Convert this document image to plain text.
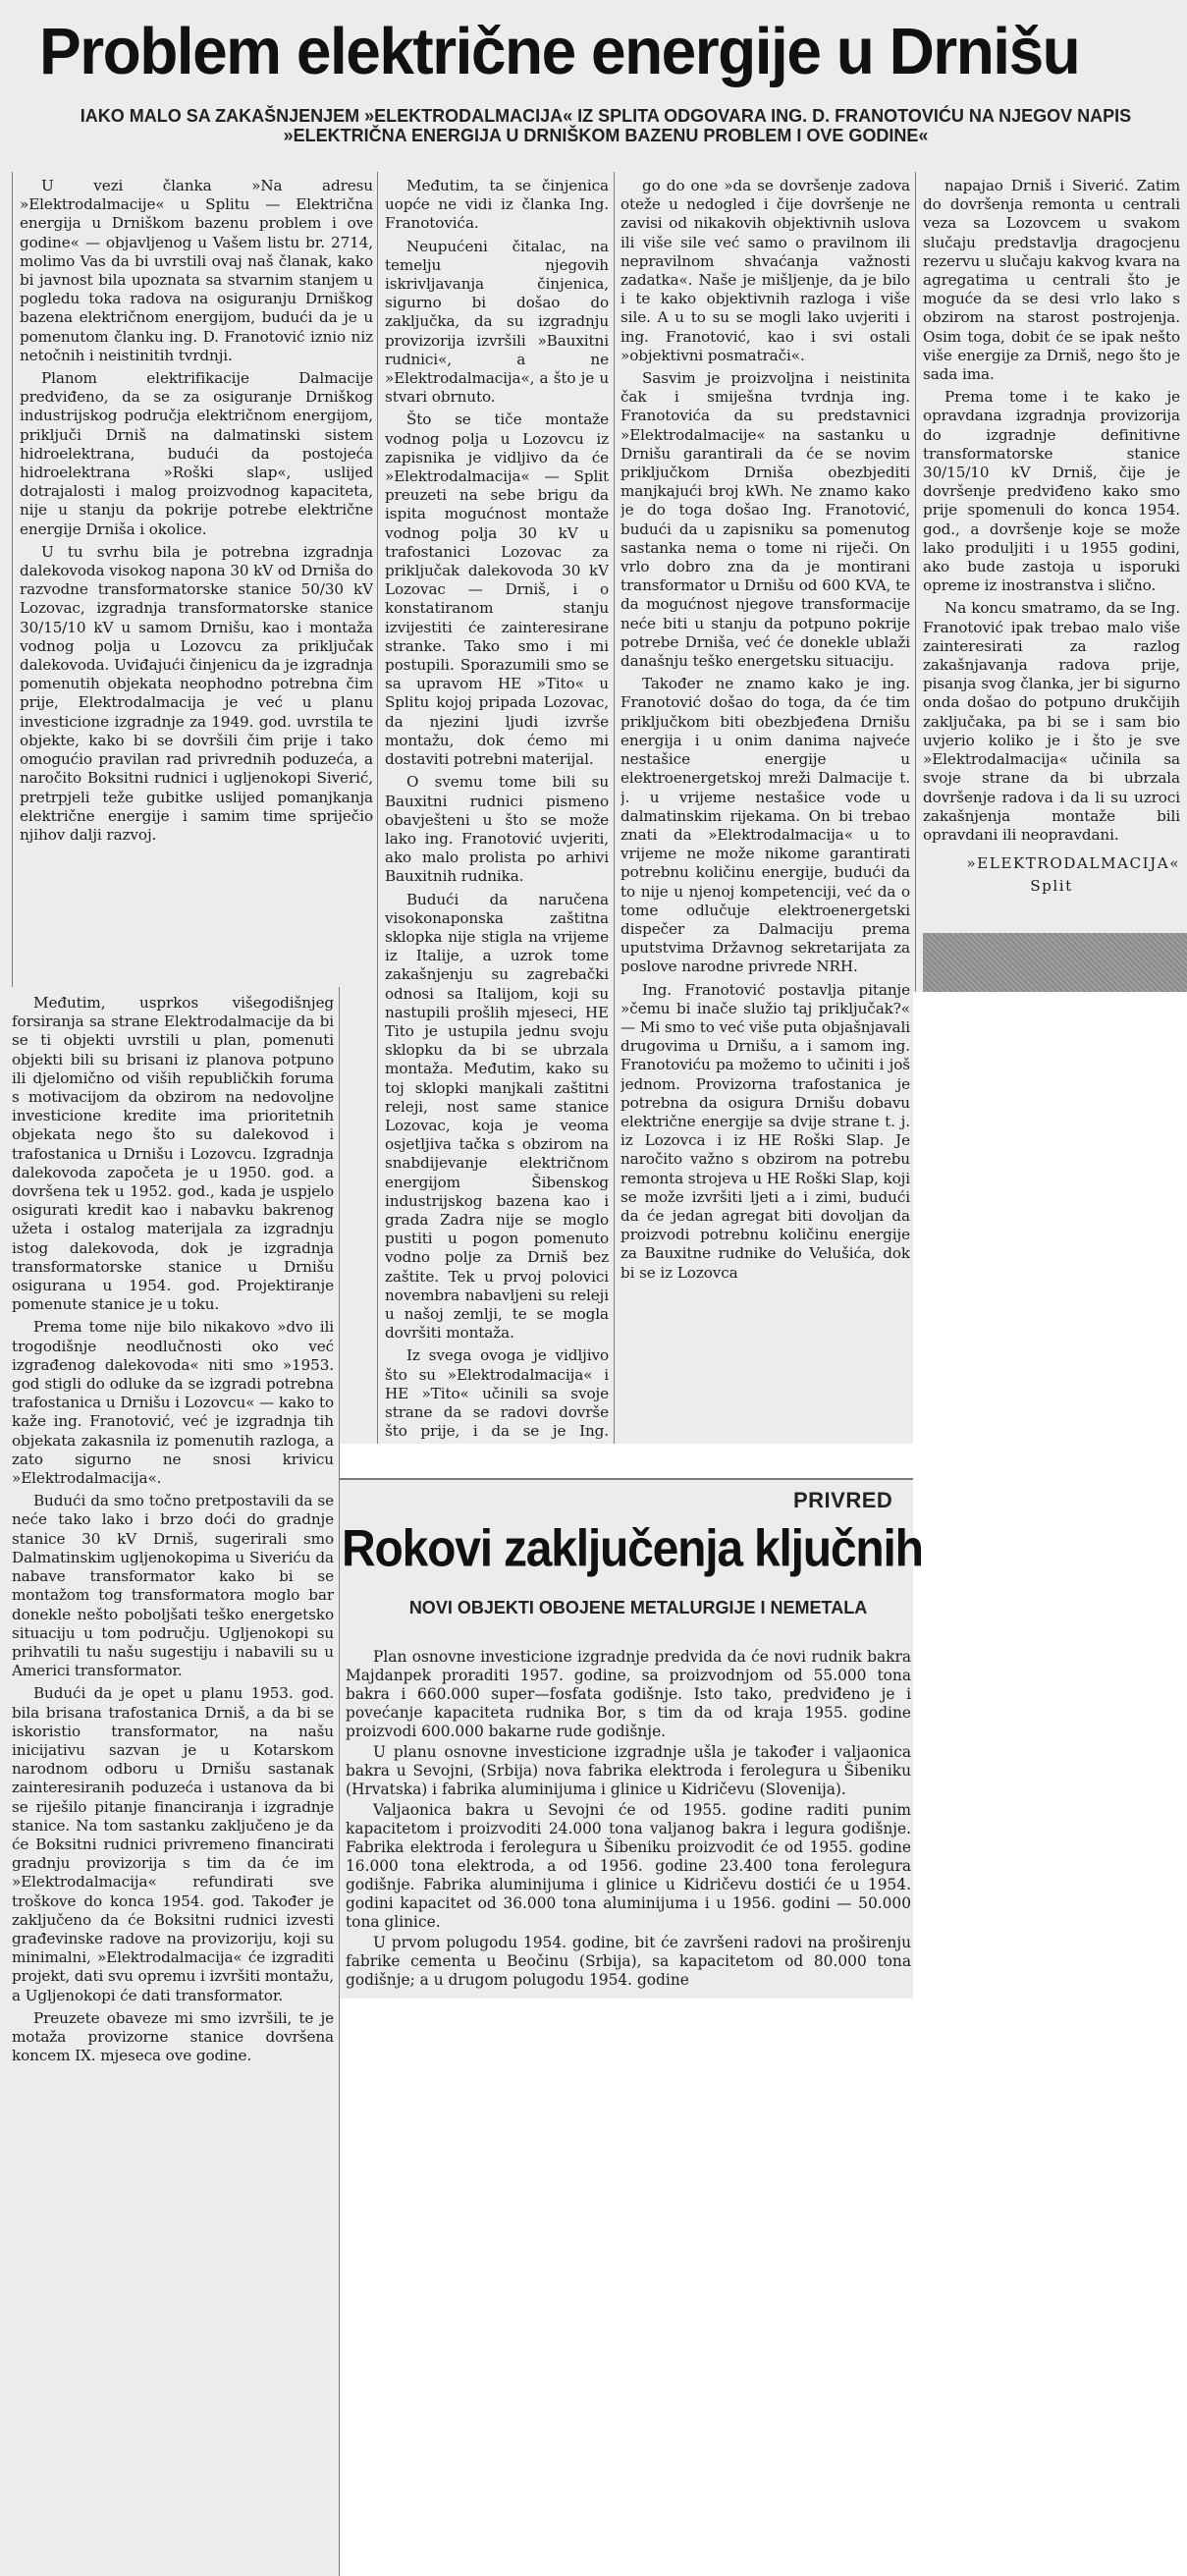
Problem električne energije u Drnišu
IAKO MALO SA ZAKAŠNJENJEM »ELEKTRODALMACIJA« IZ SPLITA ODGOVARA ING. D. FRANOTOVIĆU NA NJEGOV NAPIS »ELEKTRIČNA ENERGIJA U DRNIŠKOM BAZENU PROBLEM I OVE GODINE«

U vezi članka »Na adresu »Elektrodalmacije« u Splitu — Električna energija u Drniškom bazenu problem i ove godine« — objavljenog u Vašem listu br. 2714, molimo Vas da bi uvrstili ovaj naš članak, kako bi javnost bila upoznata sa stvarnim stanjem u pogledu toka radova na osiguranju Drniškog bazena električnom energijom, budući da je u pomenutom članku ing. D. Franotović iznio niz netočnih i neistinitih tvrdnji.

Planom elektrifikacije Dalmacije predviđeno, da se za osiguranje Drniškog industrijskog područja električnom energijom, priključi Drniš na dalmatinski sistem hidroelektrana, budući da postojeća hidroelektrana »Roški slap«, uslijed dotrajalosti i malog proizvodnog kapaciteta, nije u stanju da pokrije potrebe električne energije Drniša i okolice.

U tu svrhu bila je potrebna izgradnja dalekovoda visokog napona 30 kV od Drniša do razvodne transformatorske stanice 50/30 kV Lozovac, izgradnja transformatorske stanice 30/15/10 kV u samom Drnišu, kao i montaža vodnog polja u Lozovcu za priključak dalekovoda. Uviđajući činjenicu da je izgradnja pomenutih objekata neophodno potrebna čim prije, Elektrodalmacija je već u planu investicione izgradnje za 1949. god. uvrstila te objekte, kako bi se dovršili čim prije i tako omogućio pravilan rad privrednih poduzeća, a naročito Boksitni rudnici i ugljenokopi Siverić, pretrpjeli teže gubitke uslijed pomanjkanja električne energije i samim time spriječio njihov dalji razvoj.

Međutim, usprkos višegodišnjeg forsiranja sa strane Elektrodalmacije da bi se ti objekti uvrstili u plan, pomenuti objekti bili su brisani iz planova potpuno ili djelomično od viših republičkih foruma s motivacijom da obzirom na nedovoljne investicione kredite ima prioritetnih objekata nego što su dalekovod i trafostanica u Drnišu i Lozovcu. Izgradnja dalekovoda započeta je u 1950. god. a dovršena tek u 1952. god., kada je uspjelo osigurati kredit kao i nabavku bakrenog užeta i ostalog materijala za izgradnju istog dalekovoda, dok je izgradnja transformatorske stanice u Drnišu osigurana u 1954. god. Projektiranje pomenute stanice je u toku.

Prema tome nije bilo nikakovo »dvo ili trogodišnje neodlučnosti oko već izgrađenog dalekovoda« niti smo »1953. god stigli do odluke da se izgradi potrebna trafostanica u Drnišu i Lozovcu« — kako to kaže ing. Franotović, već je izgradnja tih objekata zakasnila iz pomenutih razloga, a zato sigurno ne snosi krivicu »Elektrodalmacija«.

Budući da smo točno pretpostavili da se neće tako lako i brzo doći do gradnje stanice 30 kV Drniš, sugerirali smo Dalmatinskim ugljenokopima u Siveriću da nabave transformator kako bi se montažom tog transformatora moglo bar donekle nešto poboljšati teško energetsko situaciju u tom području. Ugljenokopi su prihvatili tu našu sugestiju i nabavili su u Americi transformator.

Budući da je opet u planu 1953. god. bila brisana trafostanica Drniš, a da bi se iskoristio transformator, na našu inicijativu sazvan je u Kotarskom narodnom odboru u Drnišu sastanak zainteresiranih poduzeća i ustanova da bi se riješilo pitanje financiranja i izgradnje stanice. Na tom sastanku zaključeno je da će Boksitni rudnici privremeno financirati gradnju provizorija s tim da će im »Elektrodalmacija« refundirati sve troškove do konca 1954. god. Također je zaključeno da će Boksitni rudnici izvesti građevinske radove na provizoriju, koji su minimalni, »Elektrodalmacija« će izgraditi projekt, dati svu opremu i izvršiti montažu, a Ugljenokopi će dati transformator.

Preuzete obaveze mi smo izvršili, te je motaža provizorne stanice dovršena koncem IX. mjeseca ove godine.

Međutim, ta se činjenica uopće ne vidi iz članka Ing. Franotovića.

Neupućeni čitalac, na temelju njegovih iskrivljavanja činjenica, sigurno bi došao do zaključka, da su izgradnju provizorija izvršili »Bauxitni rudnici«, a ne »Elektrodalmacija«, a što je u stvari obrnuto.

Što se tiče montaže vodnog polja u Lozovcu iz zapisnika je vidljivo da će »Elektrodalmacija« — Split preuzeti na sebe brigu da ispita mogućnost montaže vodnog polja 30 kV u trafostanici Lozovac za priključak dalekovoda 30 kV Lozovac — Drniš, i o konstatiranom stanju izvijestiti će zainteresirane stranke. Tako smo i mi postupili. Sporazumili smo se sa upravom HE »Tito« u Splitu kojoj pripada Lozovac, da njezini ljudi izvrše montažu, dok ćemo mi dostaviti potrebni materijal.

O svemu tome bili su Bauxitni rudnici pismeno obavješteni u što se može lako ing. Franotović uvjeriti, ako malo prolista po arhivi Bauxitnih rudnika.

Budući da naručena visokonaponska zaštitna sklopka nije stigla na vrijeme iz Italije, a uzrok tome zakašnjenju su zagrebački odnosi sa Italijom, koji su nastupili prošlih mjeseci, HE Tito je ustupila jednu svoju sklopku da bi se ubrzala montaža. Međutim, kako su toj sklopki manjkali zaštitni releji, nost same stanice Lozovac, koja je veoma osjetljiva tačka s obzirom na snabdijevanje električnom energijom Šibenskog industrijskog bazena kao i grada Zadra nije se moglo pustiti u pogon pomenuto vodno polje za Drniš bez zaštite. Tek u prvoj polovici novembra nabavljeni su releji u našoj zemlji, te se mogla dovršiti montaža.

Iz svega ovoga je vidljivo što su »Elektrodalmacija« i HE »Tito« učinili sa svoje strane da se radovi dovrše što prije, i da se je Ing.

go do one »da se dovršenje zadova oteže u nedogled i čije dovršenje ne zavisi od nikakovih objektivnih uslova ili više sile već samo o pravilnom ili nepravilnom shvaćanja važnosti zadatka«. Naše je mišljenje, da je bilo i te kako objektivnih razloga i više sile. A u to su se mogli lako uvjeriti i ing. Franotović, kao i svi ostali »objektivni posmatrači«.

Sasvim je proizvoljna i neistinita čak i smiješna tvrdnja ing. Franotovića da su predstavnici »Elektrodalmacije« na sastanku u Drnišu garantirali da će se novim priključkom Drniša obezbjediti manjkajući broj kWh. Ne znamo kako je do toga došao Ing. Franotović, budući da u zapisniku sa pomenutog sastanka nema o tome ni riječi. On vrlo dobro zna da je montirani transformator u Drnišu od 600 KVA, te da mogućnost njegove transformacije neće biti u stanju da potpuno pokrije potrebe Drniša, već će donekle ublaži današnju teško energetsku situaciju.

Također ne znamo kako je ing. Franotović došao do toga, da će tim priključkom biti obezbjeđena Drnišu energija i u onim danima najveće nestašice energije u elektroenergetskoj mreži Dalmacije t. j. u vrijeme nestašice vode u dalmatinskim rijekama. On bi trebao znati da »Elektrodalmacija« u to vrijeme ne može nikome garantirati potrebnu količinu energije, budući da to nije u njenoj kompetenciji, već da o tome odlučuje elektroenergetski dispečer za Dalmaciju prema uputstvima Državnog sekretarijata za poslove narodne privrede NRH.

Ing. Franotović postavlja pitanje »čemu bi inače služio taj priključak?« — Mi smo to već više puta objašnjavali drugovima u Drnišu, a i samom ing. Franotoviću pa možemo to učiniti i još jednom. Provizorna trafostanica je potrebna da osigura Drnišu dobavu električne energije sa dvije strane t. j. iz Lozovca i iz HE Roški Slap. Je naročito važno s obzirom na potrebu remonta strojeva u HE Roški Slap, koji se može izvršiti ljeti a i zimi, budući da će jedan agregat biti dovoljan da proizvodi potrebnu količinu energije za Bauxitne rudnike do Velušića, dok bi se iz Lozovca

napajao Drniš i Siverić. Zatim do dovršenja remonta u centrali veza sa Lozovcem u svakom slučaju predstavlja dragocjenu rezervu u slučaju kakvog kvara na agregatima u centrali što je moguće da se desi vrlo lako s obzirom na starost postrojenja. Osim toga, dobit će se ipak nešto više energije za Drniš, nego što je sada ima.

Prema tome i te kako je opravdana izgradnja provizorija do izgradnje definitivne transformatorske stanice 30/15/10 kV Drniš, čije je dovršenje predviđeno kako smo prije spomenuli do konca 1954. god., a dovršenje koje se može lako produljiti i u 1955 godini, ako bude zastoja u isporuki opreme iz inostranstva i slično.

Na koncu smatramo, da se Ing. Franotović ipak trebao malo više zainteresirati za razlog zakašnjavanja radova prije, pisanja svog članka, jer bi sigurno onda došao do potpuno drukčijih zaključaka, pa bi se i sam bio uvjerio koliko je i što je sve »Elektrodalmacija« učinila sa svoje strane da bi ubrzala dovršenje radova i da li su uzroci zakašnjenja montaže bili opravdani ili neopravdani.

»ELEKTRODALMACIJA«

Split

PRIVRED
Rokovi zaključenja ključnih
NOVI OBJEKTI OBOJENE METALURGIJE I NEMETALA

Plan osnovne investicione izgradnje predvida da će novi rudnik bakra Majdanpek proraditi 1957. godine, sa proizvodnjom od 55.000 tona bakra i 660.000 super—fosfata godišnje. Isto tako, predviđeno je i povećanje kapaciteta rudnika Bor, s tim da od kraja 1955. godine proizvodi 600.000 bakarne rude godišnje.

U planu osnovne investicione izgradnje ušla je također i valjaonica bakra u Sevojni, (Srbija) nova fabrika elektroda i ferolegura u Šibeniku (Hrvatska) i fabrika aluminijuma i glinice u Kidričevu (Slovenija).

Valjaonica bakra u Sevojni će od 1955. godine raditi punim kapacitetom i proizvoditi 24.000 tona valjanog bakra i legura godišnje. Fabrika elektroda i ferolegura u Šibeniku proizvodit će od 1955. godine 16.000 tona elektroda, a od 1956. godine 23.400 tona ferolegura godišnje. Fabrika aluminijuma i glinice u Kidričevu dostići će u 1954. godini kapacitet od 36.000 tona aluminijuma i u 1956. godini — 50.000 tona glinice.

U prvom polugodu 1954. godine, bit će završeni radovi na proširenju fabrike cementa u Beočinu (Srbija), sa kapacitetom od 80.000 tona godišnje; a u drugom polugodu 1954. godine
